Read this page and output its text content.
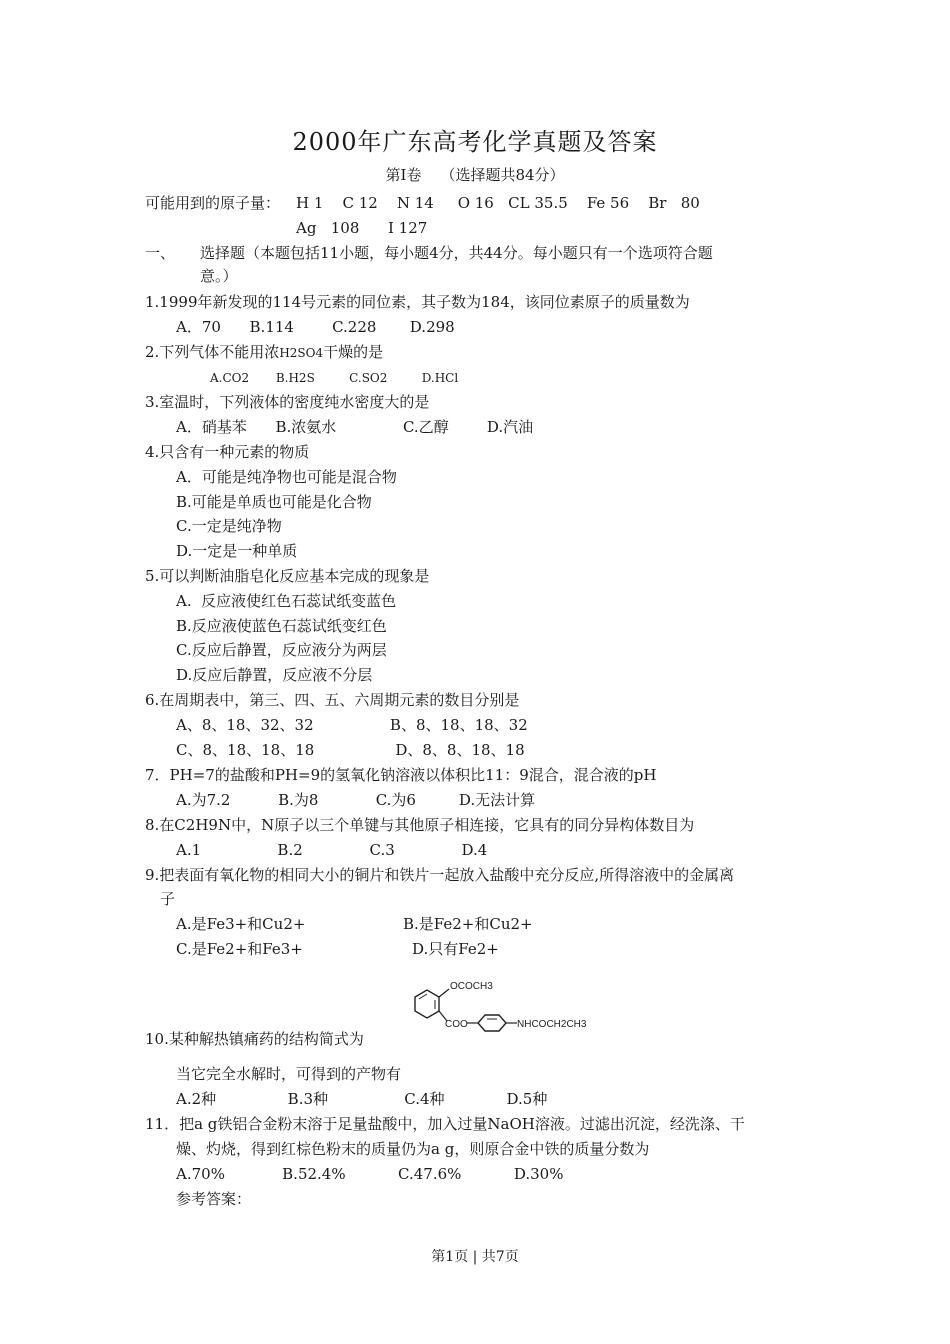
2000年广东高考化学真题及答案
第Ⅰ卷    （选择题共84分）
可能用到的原子量： H 1    C 12    N 14     O 16   CL 35.5    Fe 56    Br   80
Ag   108      I 127
一、 选择题（本题包括11小题，每小题4分，共44分。每小题只有一个选项符合题
意。）
1.1999年新发现的114号元素的同位素，其子数为184，该同位素原子的质量数为
A．70      B.114        C.228       D.298
2.下列气体不能用浓H2SO4干燥的是
A.CO2       B.H2S         C.SO2         D.HCl
3.室温时，下列液体的密度纯水密度大的是
A．硝基苯      B.浓氨水              C.乙醇        D.汽油
4.只含有一种元素的物质
A．可能是纯净物也可能是混合物
B.可能是单质也可能是化合物
C.一定是纯净物
D.一定是一种单质
5.可以判断油脂皂化反应基本完成的现象是
A.  反应液使红色石蕊试纸变蓝色
B.反应液使蓝色石蕊试纸变红色
C.反应后静置，反应液分为两层
D.反应后静置，反应液不分层
6.在周期表中，第三、四、五、六周期元素的数目分别是
A、8、18、32、32                B、8、18、18、32
C、8、18、18、18                 D、8、8、18、18
7．PH=7的盐酸和PH=9的氢氧化钠溶液以体积比11：9混合，混合液的pH
A.为7.2          B.为8            C.为6         D.无法计算
8.在C2H9N中，N原子以三个单键与其他原子相连接，它具有的同分异构体数目为
A.1                B.2              C.3              D.4
9.把表面有氧化物的相同大小的铜片和铁片一起放入盐酸中充分反应,所得溶液中的金属离
子
A.是Fe3+和Cu2+	B.是Fe2+和Cu2+
C.是Fe2+和Fe3+	D.只有Fe2+
10.某种解热镇痛药的结构简式为
OCOCH3
COO	NHCOCH2CH3
当它完全水解时，可得到的产物有
A.2种               B.3种                C.4种             D.5种
11．把a g铁铝合金粉末溶于足量盐酸中，加入过量NaOH溶液。过滤出沉淀，经洗涤、干
燥、灼烧，得到红棕色粉末的质量仍为a g，则原合金中铁的质量分数为
A.70%            B.52.4%           C.47.6%           D.30%
参考答案：
第1页 | 共7页
